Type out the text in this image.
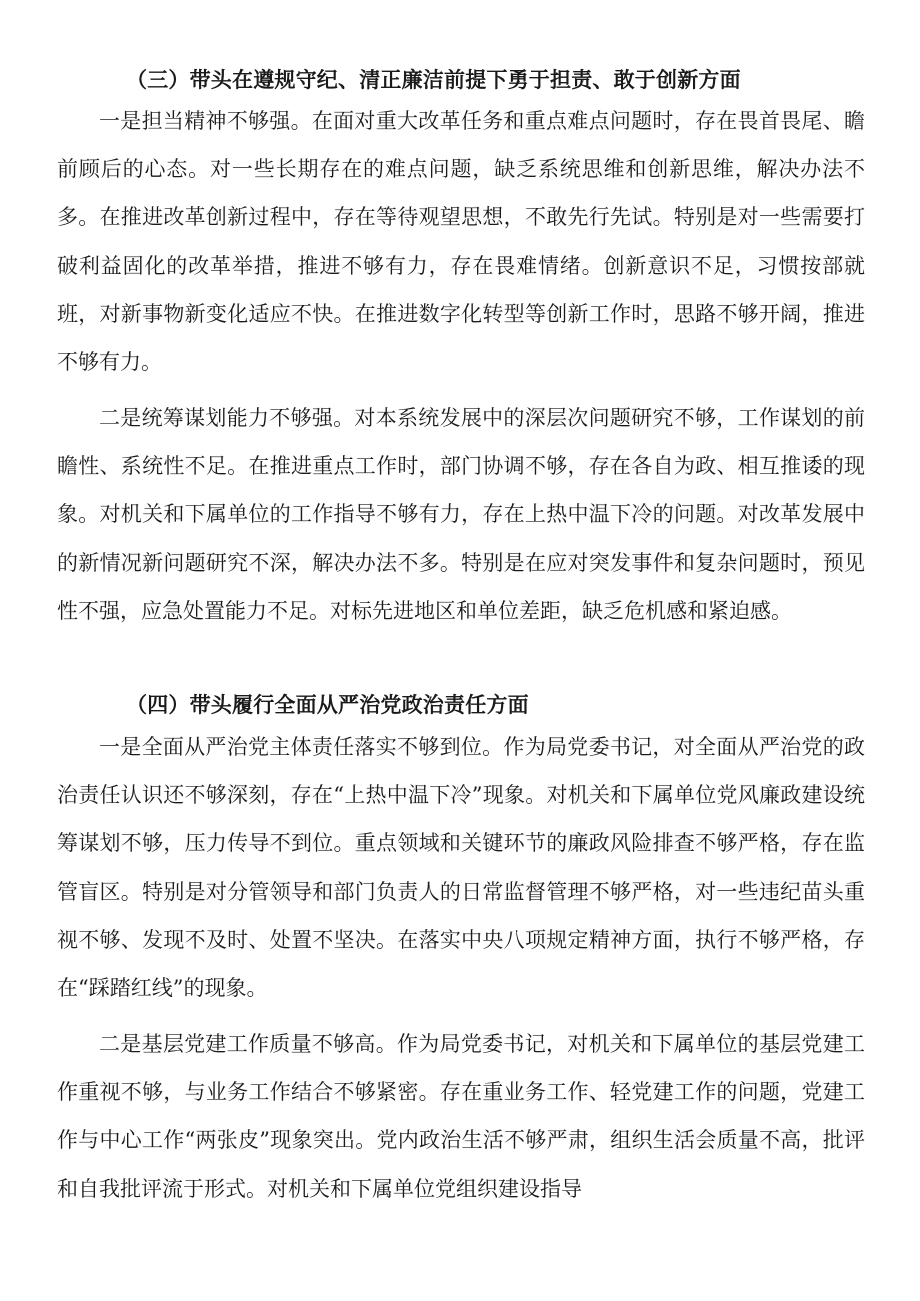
（三）带头在遵规守纪、清正廉洁前提下勇于担责、敢于创新方面

一是担当精神不够强。在面对重大改革任务和重点难点问题时，存在畏首畏尾、瞻前顾后的心态。对一些长期存在的难点问题，缺乏系统思维和创新思维，解决办法不多。在推进改革创新过程中，存在等待观望思想，不敢先行先试。特别是对一些需要打破利益固化的改革举措，推进不够有力，存在畏难情绪。创新意识不足，习惯按部就班，对新事物新变化适应不快。在推进数字化转型等创新工作时，思路不够开阔，推进不够有力。

二是统筹谋划能力不够强。对本系统发展中的深层次问题研究不够，工作谋划的前瞻性、系统性不足。在推进重点工作时，部门协调不够，存在各自为政、相互推诿的现象。对机关和下属单位的工作指导不够有力，存在上热中温下冷的问题。对改革发展中的新情况新问题研究不深，解决办法不多。特别是在应对突发事件和复杂问题时，预见性不强，应急处置能力不足。对标先进地区和单位差距，缺乏危机感和紧迫感。

（四）带头履行全面从严治党政治责任方面

一是全面从严治党主体责任落实不够到位。作为局党委书记，对全面从严治党的政治责任认识还不够深刻，存在“上热中温下冷”现象。对机关和下属单位党风廉政建设统筹谋划不够，压力传导不到位。重点领域和关键环节的廉政风险排查不够严格，存在监管盲区。特别是对分管领导和部门负责人的日常监督管理不够严格，对一些违纪苗头重视不够、发现不及时、处置不坚决。在落实中央八项规定精神方面，执行不够严格，存在“踩踏红线”的现象。

二是基层党建工作质量不够高。作为局党委书记，对机关和下属单位的基层党建工作重视不够，与业务工作结合不够紧密。存在重业务工作、轻党建工作的问题，党建工作与中心工作“两张皮”现象突出。党内政治生活不够严肃，组织生活会质量不高，批评和自我批评流于形式。对机关和下属单位党组织建设指导
